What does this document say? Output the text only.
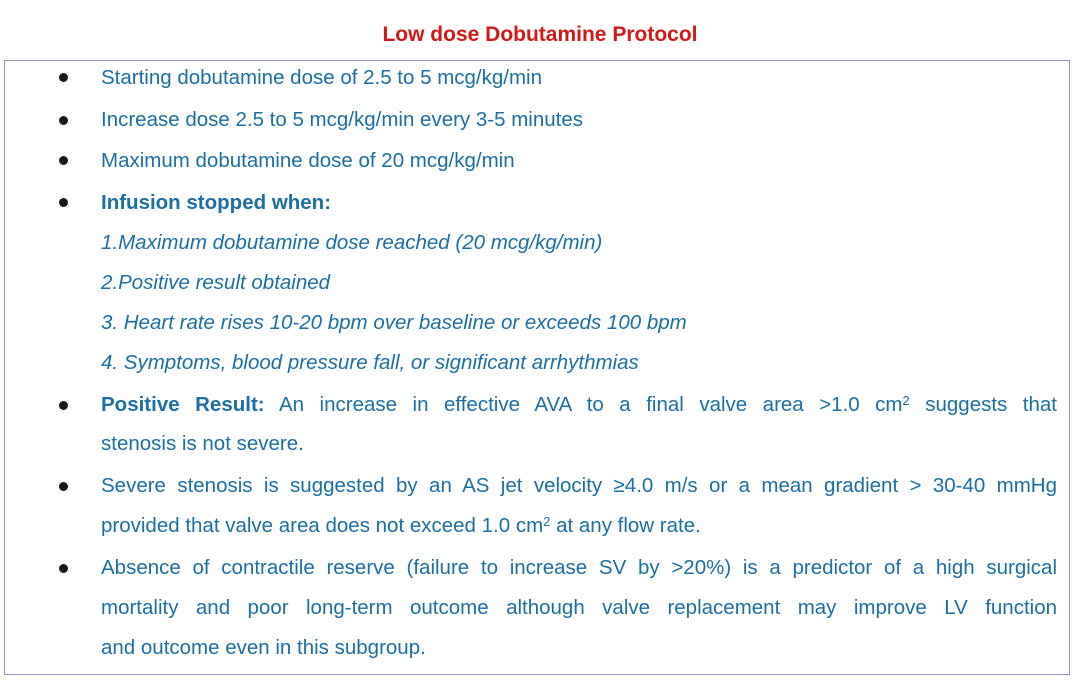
Low dose Dobutamine Protocol
Starting dobutamine dose of 2.5 to 5 mcg/kg/min
Increase dose 2.5 to 5 mcg/kg/min every 3-5 minutes
Maximum dobutamine dose of 20 mcg/kg/min
Infusion stopped when:
1.Maximum dobutamine dose reached (20 mcg/kg/min)
2.Positive result obtained
3. Heart rate rises 10-20 bpm over baseline or exceeds 100 bpm
4. Symptoms, blood pressure fall, or significant arrhythmias
Positive Result: An increase in effective AVA to a final valve area >1.0 $cm^2$ suggests that
stenosis is not severe.
Severe stenosis is suggested by an AS jet velocity ≥4.0 m/s or a mean gradient > 30-40 mmHg
provided that valve area does not exceed 1.0 $cm^2$ at any flow rate.
Absence of contractile reserve (failure to increase SV by >20%) is a predictor of a high surgical
mortality and poor long-term outcome although valve replacement may improve LV function
and outcome even in this subgroup.
